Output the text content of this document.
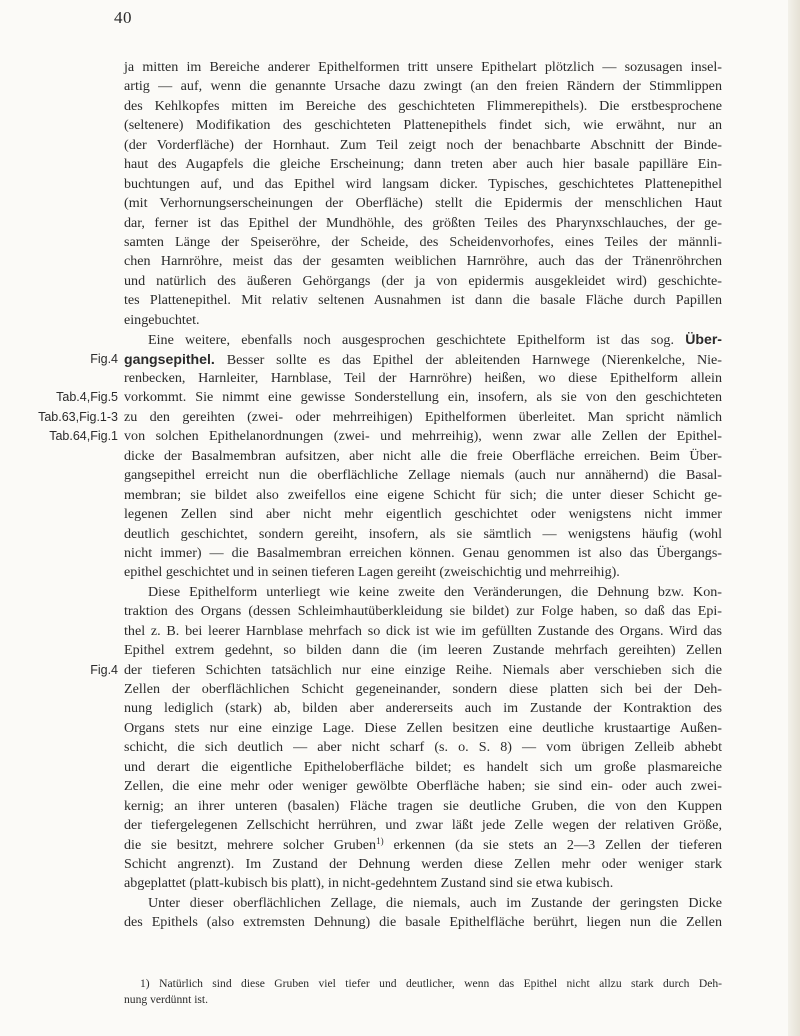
40
ja mitten im Bereiche anderer Epithelformen tritt unsere Epithelart plötzlich — sozusagen insel-
artig — auf, wenn die genannte Ursache dazu zwingt (an den freien Rändern der Stimmlippen
des Kehlkopfes mitten im Bereiche des geschichteten Flimmerepithels). Die erstbesprochene
(seltenere) Modifikation des geschichteten Plattenepithels findet sich, wie erwähnt, nur an
(der Vorderfläche) der Hornhaut. Zum Teil zeigt noch der benachbarte Abschnitt der Binde-
haut des Augapfels die gleiche Erscheinung; dann treten aber auch hier basale papilläre Ein-
buchtungen auf, und das Epithel wird langsam dicker. Typisches, geschichtetes Plattenepithel
(mit Verhornungserscheinungen der Oberfläche) stellt die Epidermis der menschlichen Haut
dar, ferner ist das Epithel der Mundhöhle, des größten Teiles des Pharynxschlauches, der ge-
samten Länge der Speiseröhre, der Scheide, des Scheidenvorhofes, eines Teiles der männli-
chen Harnröhre, meist das der gesamten weiblichen Harnröhre, auch das der Tränenröhrchen
und natürlich des äußeren Gehörgangs (der ja von epidermis ausgekleidet wird) geschichte-
tes Plattenepithel. Mit relativ seltenen Ausnahmen ist dann die basale Fläche durch Papillen
eingebuchtet.
Eine weitere, ebenfalls noch ausgesprochen geschichtete Epithelform ist das sog. Über-
Fig.4 gangsepithel. Besser sollte es das Epithel der ableitenden Harnwege (Nierenkelche, Nie-
renbecken, Harnleiter, Harnblase, Teil der Harnröhre) heißen, wo diese Epithelform allein
Tab.4,Fig.5 vorkommt. Sie nimmt eine gewisse Sonderstellung ein, insofern, als sie von den geschichteten
Tab.63,Fig.1-3 zu den gereihten (zwei- oder mehrreihigen) Epithelformen überleitet. Man spricht nämlich
Tab.64,Fig.1 von solchen Epithelanordnungen (zwei- und mehrreihig), wenn zwar alle Zellen der Epithel-
dicke der Basalmembran aufsitzen, aber nicht alle die freie Oberfläche erreichen. Beim Über-
gangsepithel erreicht nun die oberflächliche Zellage niemals (auch nur annähernd) die Basal-
membran; sie bildet also zweifellos eine eigene Schicht für sich; die unter dieser Schicht ge-
legenen Zellen sind aber nicht mehr eigentlich geschichtet oder wenigstens nicht immer
deutlich geschichtet, sondern gereiht, insofern, als sie sämtlich — wenigstens häufig (wohl
nicht immer) — die Basalmembran erreichen können. Genau genommen ist also das Übergangs-
epithel geschichtet und in seinen tieferen Lagen gereiht (zweischichtig und mehrreihig).
Diese Epithelform unterliegt wie keine zweite den Veränderungen, die Dehnung bzw. Kon-
traktion des Organs (dessen Schleimhautüberkleidung sie bildet) zur Folge haben, so daß das Epi-
thel z. B. bei leerer Harnblase mehrfach so dick ist wie im gefüllten Zustande des Organs. Wird das
Epithel extrem gedehnt, so bilden dann die (im leeren Zustande mehrfach gereihten) Zellen
Fig.4 der tieferen Schichten tatsächlich nur eine einzige Reihe. Niemals aber verschieben sich die
Zellen der oberflächlichen Schicht gegeneinander, sondern diese platten sich bei der Deh-
nung lediglich (stark) ab, bilden aber andererseits auch im Zustande der Kontraktion des
Organs stets nur eine einzige Lage. Diese Zellen besitzen eine deutliche krustaartige Außen-
schicht, die sich deutlich — aber nicht scharf (s. o. S. 8) — vom übrigen Zelleib abhebt
und derart die eigentliche Epitheloberfläche bildet; es handelt sich um große plasmareiche
Zellen, die eine mehr oder weniger gewölbte Oberfläche haben; sie sind ein- oder auch zwei-
kernig; an ihrer unteren (basalen) Fläche tragen sie deutliche Gruben, die von den Kuppen
der tiefergelegenen Zellschicht herrühren, und zwar läßt jede Zelle wegen der relativen Größe,
die sie besitzt, mehrere solcher Gruben$^{1)}$ erkennen (da sie stets an 2—3 Zellen der tieferen
Schicht angrenzt). Im Zustand der Dehnung werden diese Zellen mehr oder weniger stark
abgeplattet (platt-kubisch bis platt), in nicht-gedehntem Zustand sind sie etwa kubisch.
Unter dieser oberflächlichen Zellage, die niemals, auch im Zustande der geringsten Dicke
des Epithels (also extremsten Dehnung) die basale Epithelfläche berührt, liegen nun die Zellen
1) Natürlich sind diese Gruben viel tiefer und deutlicher, wenn das Epithel nicht allzu stark durch Deh-
nung verdünnt ist.
